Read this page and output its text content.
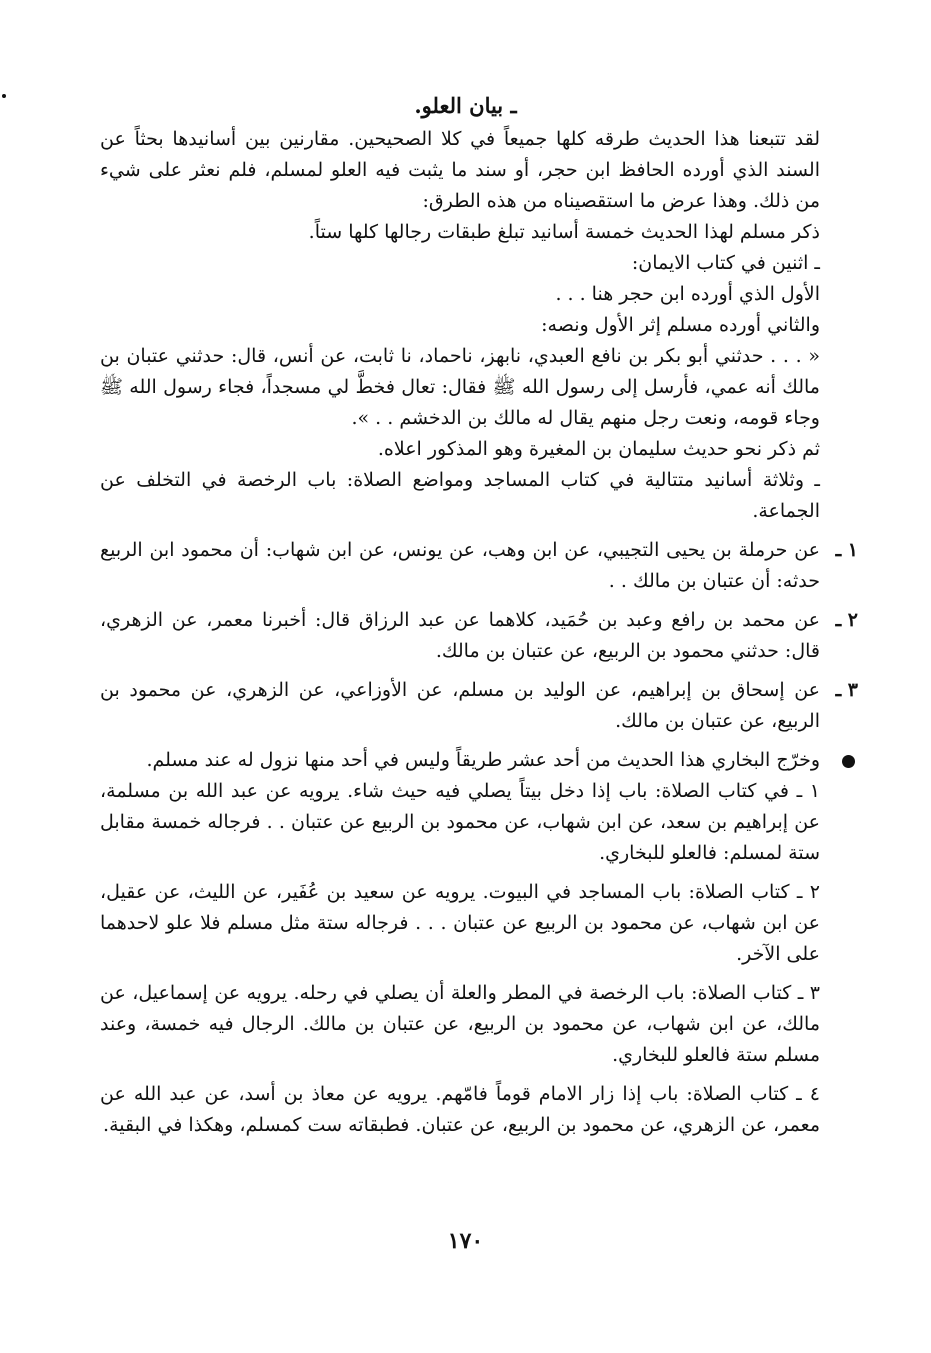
ـ بيان العلو.

لقد تتبعنا هذا الحديث طرقه كلها جميعاً في كلا الصحيحين. مقارنين بين أسانيدها بحثاً عن السند الذي أورده الحافظ ابن حجر، أو سند ما يثبت فيه العلو لمسلم، فلم نعثر على شيء من ذلك. وهذا عرض ما استقصيناه من هذه الطرق:

ذكر مسلم لهذا الحديث خمسة أسانيد تبلغ طبقات رجالها كلها ستاً.

ـ اثنين في كتاب الايمان:

الأول الذي أورده ابن حجر هنا . . .

والثاني أورده مسلم إثر الأول ونصه:

« . . . حدثني أبو بكر بن نافع العبدي، نابهز، ناحماد، نا ثابت، عن أنس، قال: حدثني عتبان بن مالك أنه عمي، فأرسل إلى رسول الله ﷺ فقال: تعال فخطَّ لي مسجداً، فجاء رسول الله ﷺ وجاء قومه، ونعت رجل منهم يقال له مالك بن الدخشم . . ».

ثم ذكر نحو حديث سليمان بن المغيرة وهو المذكور اعلاه.

ـ وثلاثة أسانيد متتالية في كتاب المساجد ومواضع الصلاة: باب الرخصة في التخلف عن الجماعة.

١ ـ
عن حرملة بن يحيى التجيبي، عن ابن وهب، عن يونس، عن ابن شهاب: أن محمود ابن الربيع حدثه: أن عتبان بن مالك . .

٢ ـ
عن محمد بن رافع وعبد بن حُمَيد، كلاهما عن عبد الرزاق قال: أخبرنا معمر، عن الزهري، قال: حدثني محمود بن الربيع، عن عتبان بن مالك.

٣ ـ
عن إسحاق بن إبراهيم، عن الوليد بن مسلم، عن الأوزاعي، عن الزهري، عن محمود بن الربيع، عن عتبان بن مالك.

وخرّج البخاري هذا الحديث من أحد عشر طريقاً وليس في أحد منها نزول له عند مسلم.

١ ـ في كتاب الصلاة: باب إذا دخل بيتاً يصلي فيه حيث شاء. يرويه عن عبد الله بن مسلمة، عن إبراهيم بن سعد، عن ابن شهاب، عن محمود بن الربيع عن عتبان . . فرجاله خمسة مقابل ستة لمسلم: فالعلو للبخاري.

٢ ـ كتاب الصلاة: باب المساجد في البيوت. يرويه عن سعيد بن عُفَير، عن الليث، عن عقيل، عن ابن شهاب، عن محمود بن الربيع عن عتبان . . . فرجاله ستة مثل مسلم فلا علو لاحدهما على الآخر.

٣ ـ كتاب الصلاة: باب الرخصة في المطر والعلة أن يصلي في رحله. يرويه عن إسماعيل، عن مالك، عن ابن شهاب، عن محمود بن الربيع، عن عتبان بن مالك. الرجال فيه خمسة، وعند مسلم ستة فالعلو للبخاري.

٤ ـ كتاب الصلاة: باب إذا زار الامام قوماً فامّهم. يرويه عن معاذ بن أسد، عن عبد الله عن معمر، عن الزهري، عن محمود بن الربيع، عن عتبان. فطبقاته ست كمسلم، وهكذا في البقية.

١٧٠
